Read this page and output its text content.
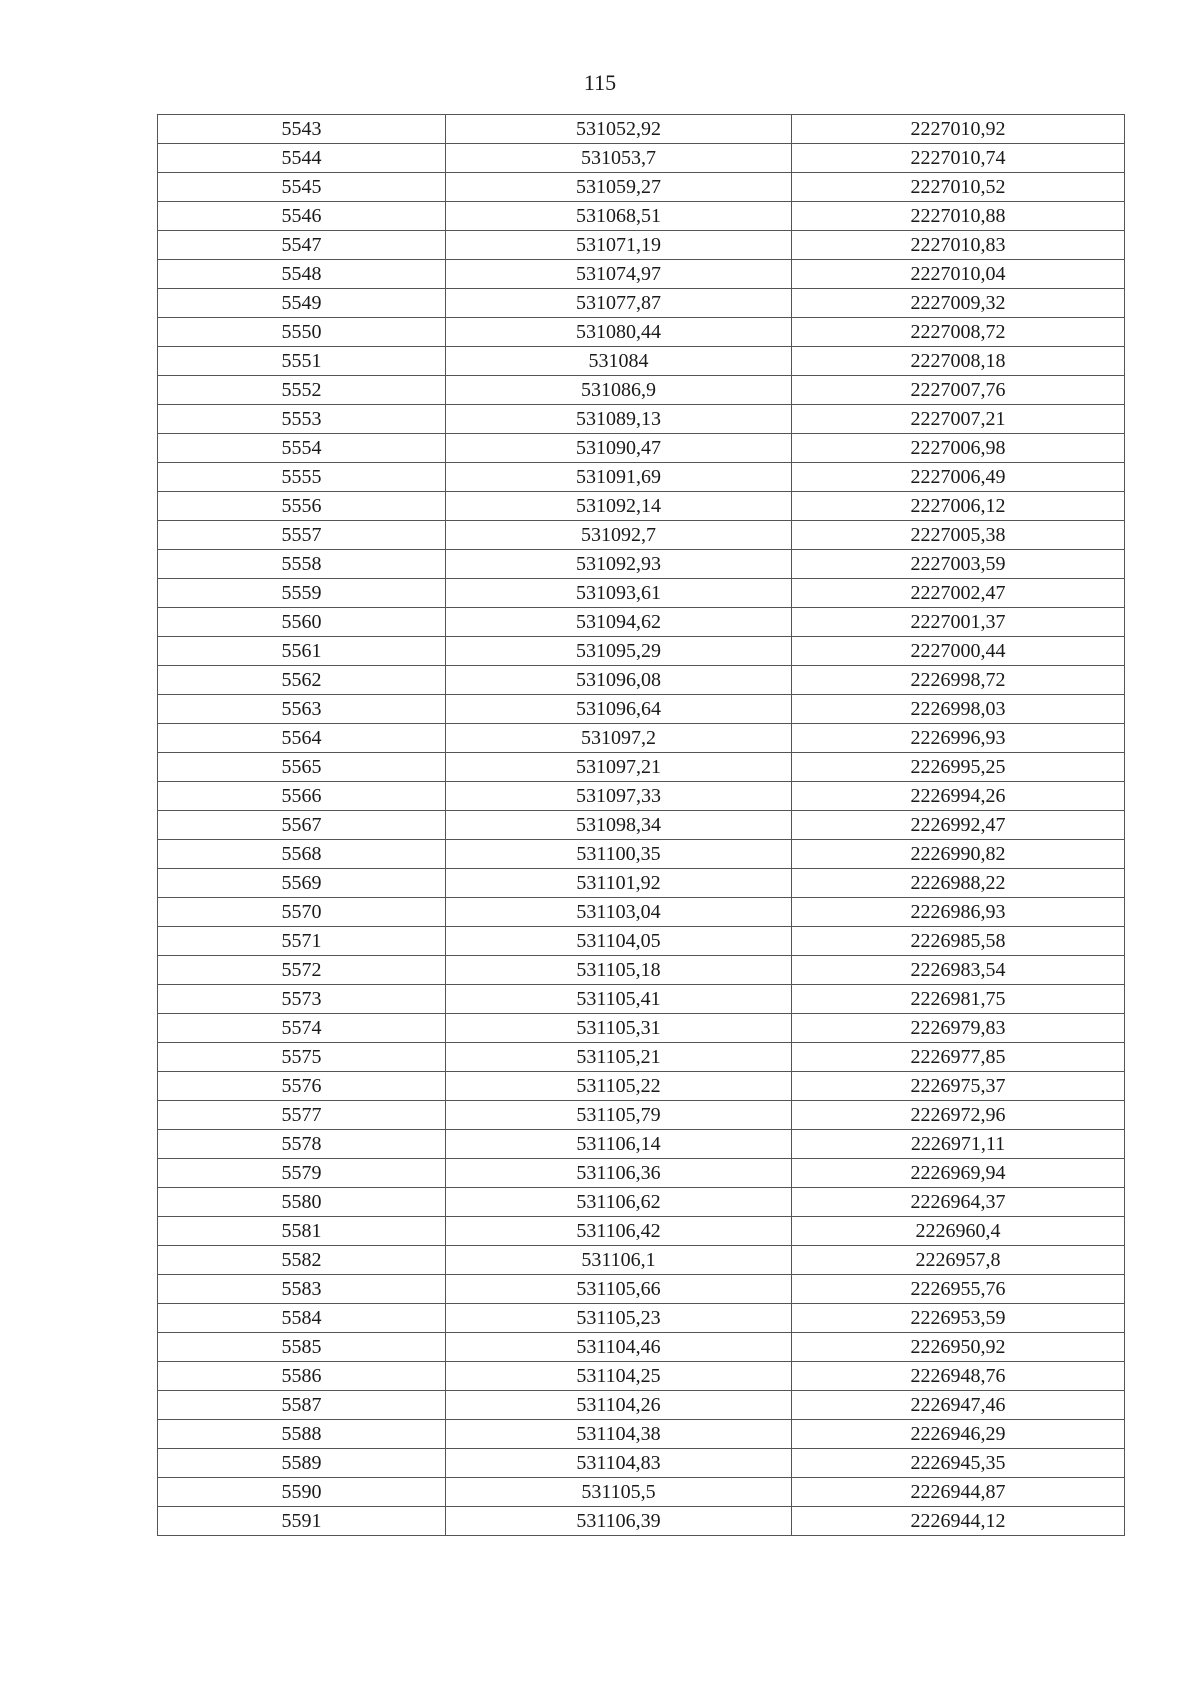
115
5543	531052,92	2227010,92
5544	531053,7	2227010,74
5545	531059,27	2227010,52
5546	531068,51	2227010,88
5547	531071,19	2227010,83
5548	531074,97	2227010,04
5549	531077,87	2227009,32
5550	531080,44	2227008,72
5551	531084	2227008,18
5552	531086,9	2227007,76
5553	531089,13	2227007,21
5554	531090,47	2227006,98
5555	531091,69	2227006,49
5556	531092,14	2227006,12
5557	531092,7	2227005,38
5558	531092,93	2227003,59
5559	531093,61	2227002,47
5560	531094,62	2227001,37
5561	531095,29	2227000,44
5562	531096,08	2226998,72
5563	531096,64	2226998,03
5564	531097,2	2226996,93
5565	531097,21	2226995,25
5566	531097,33	2226994,26
5567	531098,34	2226992,47
5568	531100,35	2226990,82
5569	531101,92	2226988,22
5570	531103,04	2226986,93
5571	531104,05	2226985,58
5572	531105,18	2226983,54
5573	531105,41	2226981,75
5574	531105,31	2226979,83
5575	531105,21	2226977,85
5576	531105,22	2226975,37
5577	531105,79	2226972,96
5578	531106,14	2226971,11
5579	531106,36	2226969,94
5580	531106,62	2226964,37
5581	531106,42	2226960,4
5582	531106,1	2226957,8
5583	531105,66	2226955,76
5584	531105,23	2226953,59
5585	531104,46	2226950,92
5586	531104,25	2226948,76
5587	531104,26	2226947,46
5588	531104,38	2226946,29
5589	531104,83	2226945,35
5590	531105,5	2226944,87
5591	531106,39	2226944,12
